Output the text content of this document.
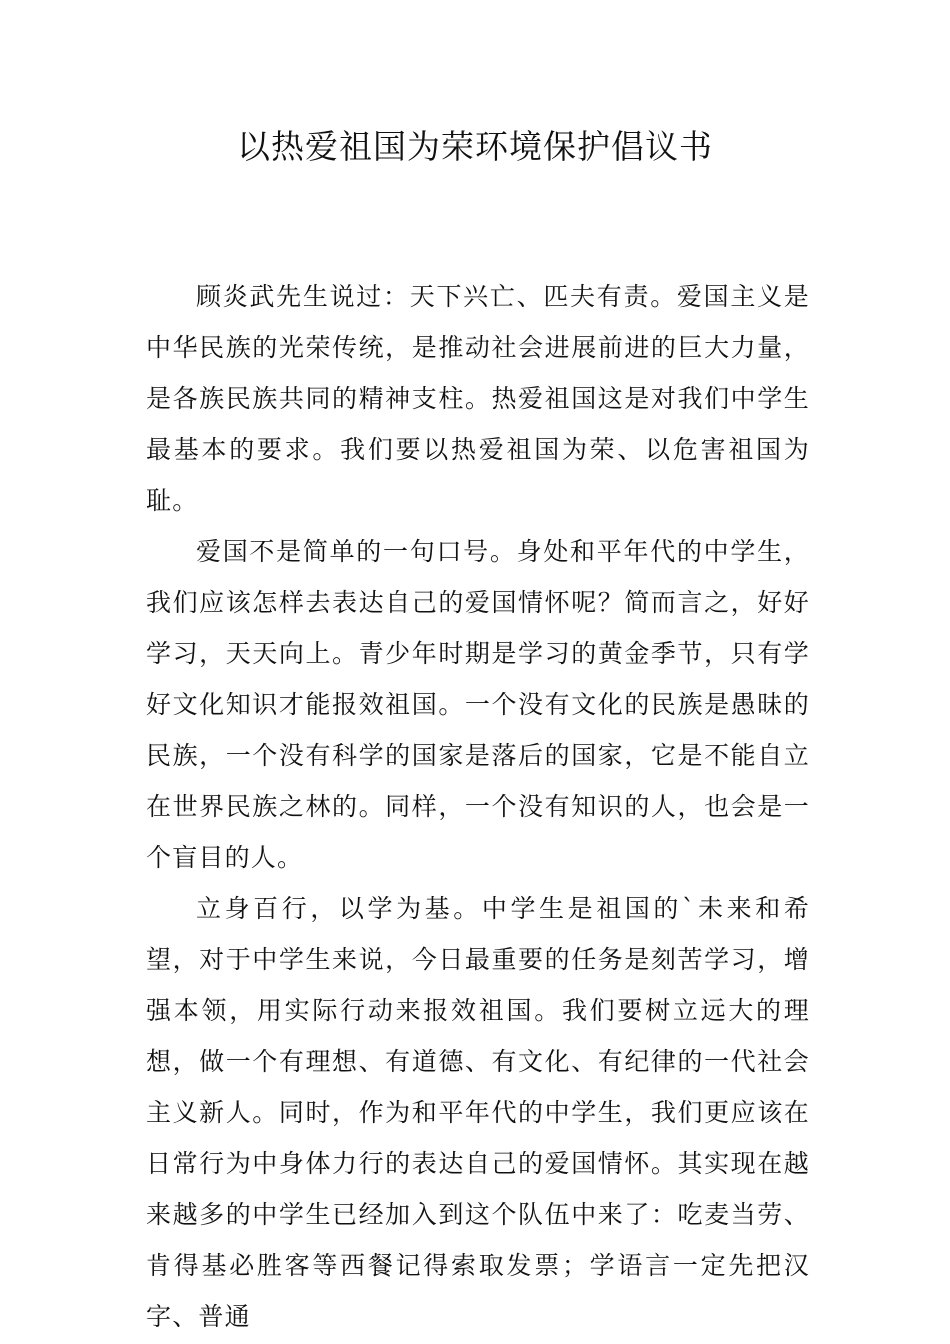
以热爱祖国为荣环境保护倡议书

顾炎武先生说过：天下兴亡、匹夫有责。爱国主义是中华民族的光荣传统，是推动社会进展前进的巨大力量，是各族民族共同的精神支柱。热爱祖国这是对我们中学生最基本的要求。我们要以热爱祖国为荣、以危害祖国为耻。

爱国不是简单的一句口号。身处和平年代的中学生，我们应该怎样去表达自己的爱国情怀呢？简而言之，好好学习，天天向上。青少年时期是学习的黄金季节，只有学好文化知识才能报效祖国。一个没有文化的民族是愚昧的民族，一个没有科学的国家是落后的国家，它是不能自立在世界民族之林的。同样，一个没有知识的人，也会是一个盲目的人。

立身百行，以学为基。中学生是祖国的`未来和希望，对于中学生来说，今日最重要的任务是刻苦学习，增强本领，用实际行动来报效祖国。我们要树立远大的理想，做一个有理想、有道德、有文化、有纪律的一代社会主义新人。同时，作为和平年代的中学生，我们更应该在日常行为中身体力行的表达自己的爱国情怀。其实现在越来越多的中学生已经加入到这个队伍中来了：吃麦当劳、肯得基必胜客等西餐记得索取发票；学语言一定先把汉字、普通
